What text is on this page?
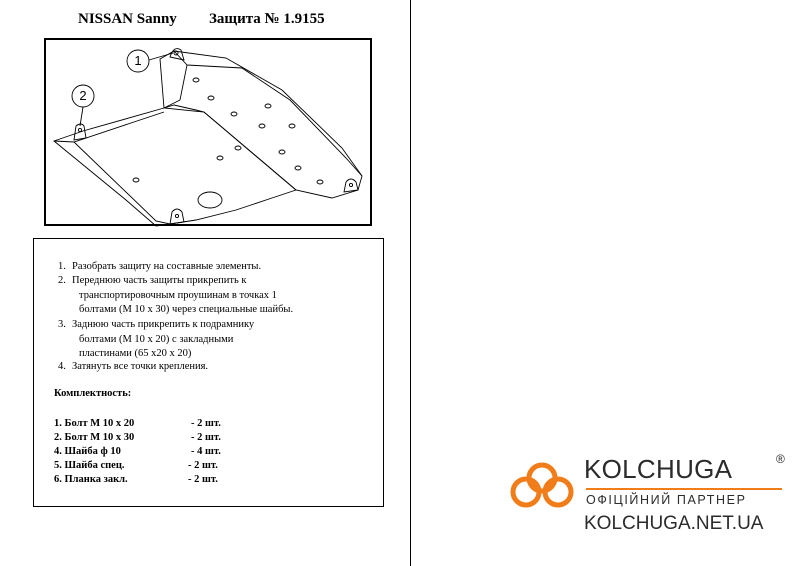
NISSAN Sanny Защита № 1.9155
1
2
1. Разобрать защиту на составные элементы.
2. Переднюю часть защиты прикрепить к
транспортировочным проушинам в точках 1
болтами (М 10 х 30) через специальные шайбы.
3. Заднюю часть прикрепить к подрамнику
болтами (М 10 х 20) с закладными
пластинами (65 х20 х 20)
4. Затянуть все точки крепления.
Комплектность:
1. Болт М 10 х 20	- 2 шт.
2. Болт М 10 х 30	- 2 шт.
4. Шайба ф 10	- 4 шт.
5. Шайба спец.	- 2 шт.
6. Планка закл.	- 2 шт.	KOLCHUGA	®
ОФІЦІЙНИЙ ПАРТНЕР
KOLCHUGA.NET.UA
